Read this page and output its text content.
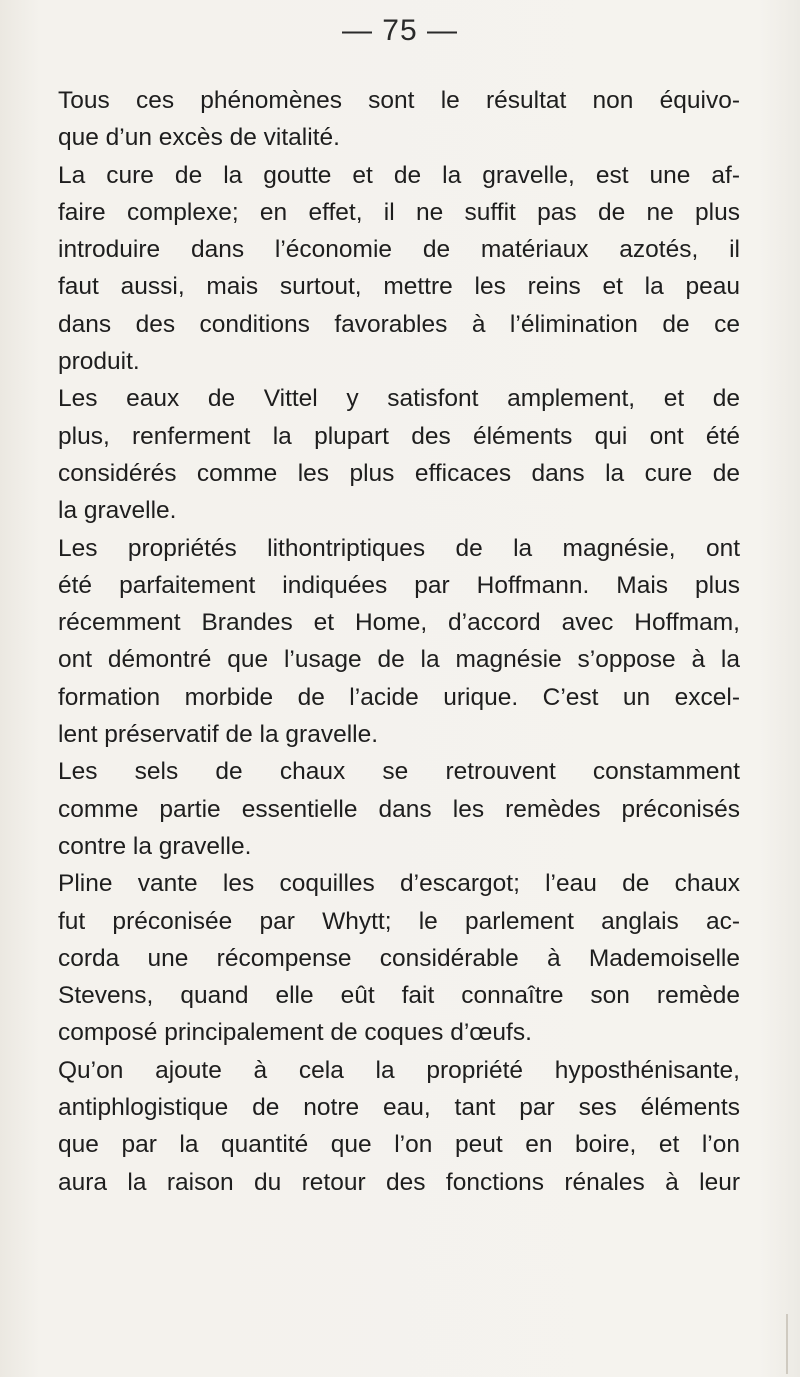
— 75 —
Tous ces phénomènes sont le résultat non équivo-
que d’un excès de vitalité.
La cure de la goutte et de la gravelle, est une af-
faire complexe; en effet, il ne suffit pas de ne plus
introduire dans l’économie de matériaux azotés, il
faut aussi, mais surtout, mettre les reins et la peau
dans des conditions favorables à l’élimination de ce
produit.
Les eaux de Vittel y satisfont amplement, et de
plus, renferment la plupart des éléments qui ont été
considérés comme les plus efficaces dans la cure de
la gravelle.
Les propriétés lithontriptiques de la magnésie, ont
été parfaitement indiquées par Hoffmann. Mais plus
récemment Brandes et Home, d’accord avec Hoffmam,
ont démontré que l’usage de la magnésie s’oppose à la
formation morbide de l’acide urique. C’est un excel-
lent préservatif de la gravelle.
Les sels de chaux se retrouvent constamment
comme partie essentielle dans les remèdes préconisés
contre la gravelle.
Pline vante les coquilles d’escargot; l’eau de chaux
fut préconisée par Whytt; le parlement anglais ac-
corda une récompense considérable à Mademoiselle
Stevens, quand elle eût fait connaître son remède
composé principalement de coques d’œufs.
Qu’on ajoute à cela la propriété hyposthénisante,
antiphlogistique de notre eau, tant par ses éléments
que par la quantité que l’on peut en boire, et l’on
aura la raison du retour des fonctions rénales à leur
